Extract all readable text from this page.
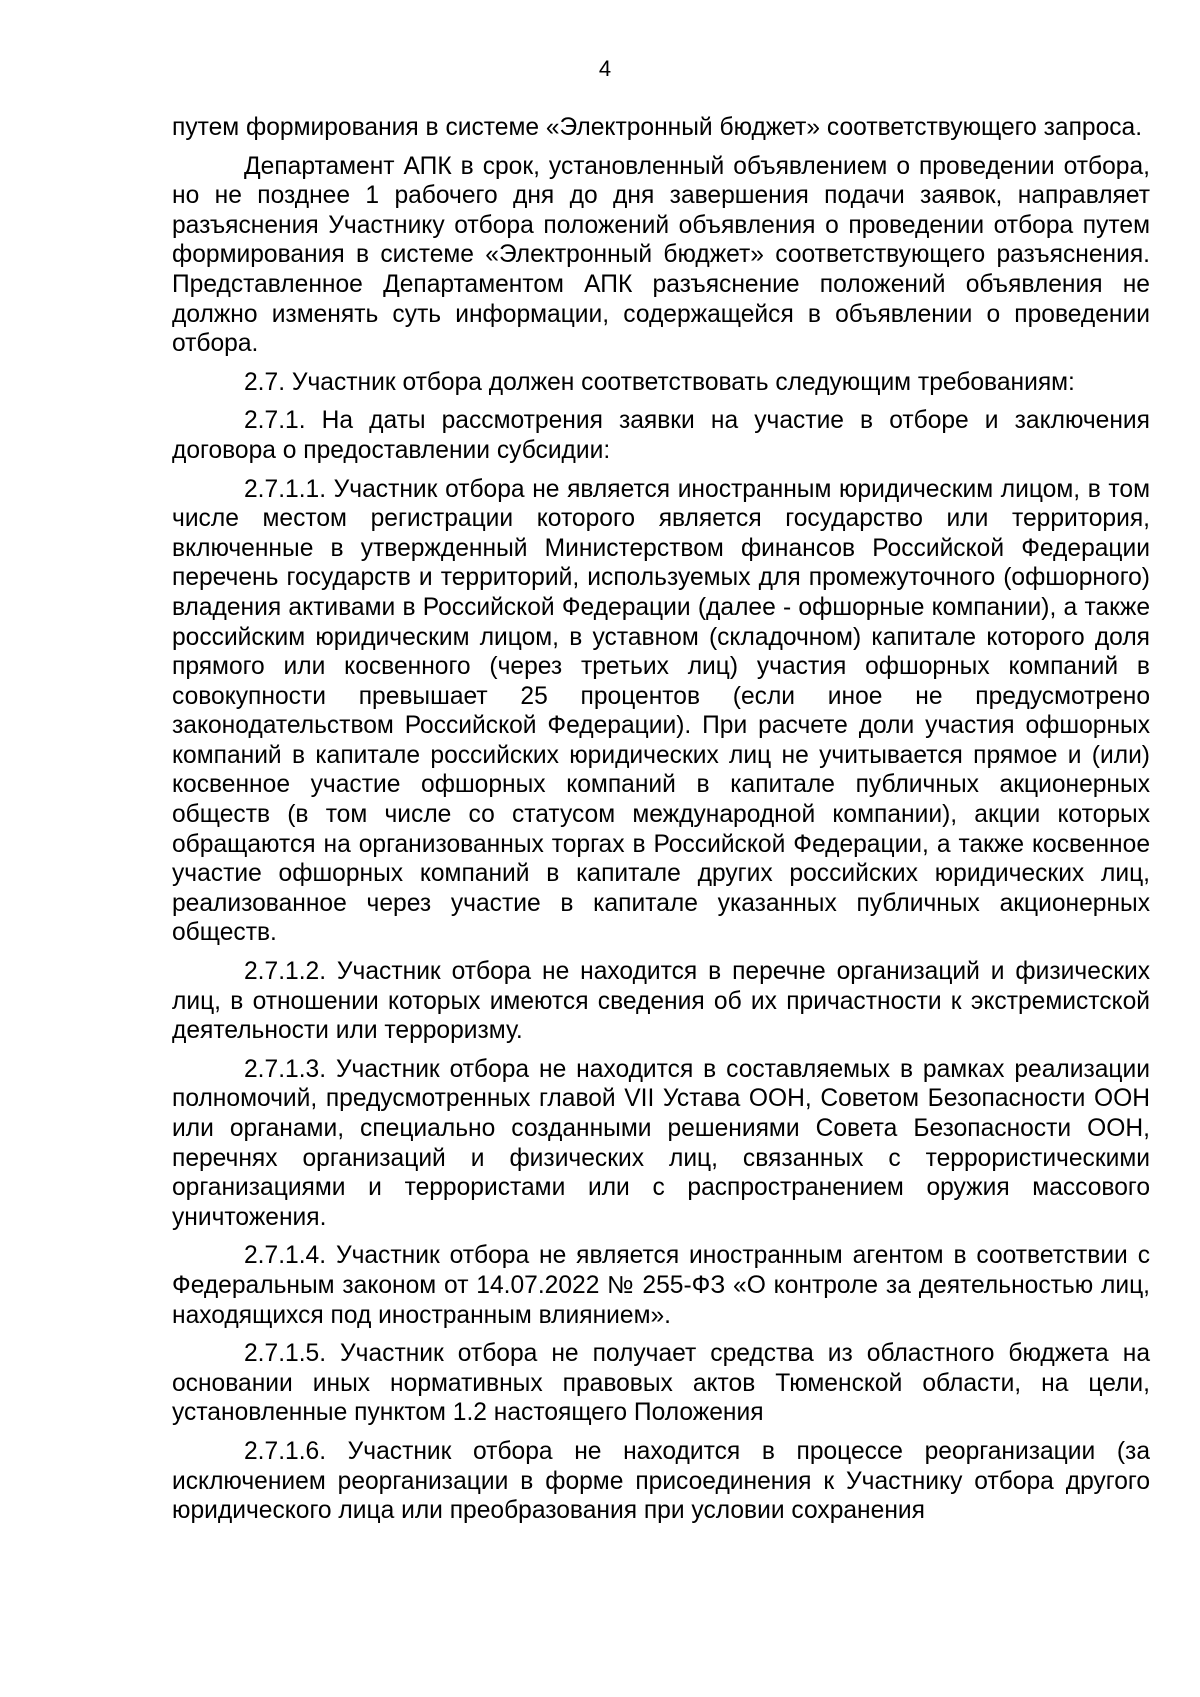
4

путем формирования в системе «Электронный бюджет» соответствующего запроса.

Департамент АПК в срок, установленный объявлением о проведении отбора, но не позднее 1 рабочего дня до дня завершения подачи заявок, направляет разъяснения Участнику отбора положений объявления о проведении отбора путем формирования в системе «Электронный бюджет» соответствующего разъяснения. Представленное Департаментом АПК разъяснение положений объявления не должно изменять суть информации, содержащейся в объявлении о проведении отбора.

2.7. Участник отбора должен соответствовать следующим требованиям:

2.7.1. На даты рассмотрения заявки на участие в отборе и заключения договора о предоставлении субсидии:

2.7.1.1. Участник отбора не является иностранным юридическим лицом, в том числе местом регистрации которого является государство или территория, включенные в утвержденный Министерством финансов Российской Федерации перечень государств и территорий, используемых для промежуточного (офшорного) владения активами в Российской Федерации (далее - офшорные компании), а также российским юридическим лицом, в уставном (складочном) капитале которого доля прямого или косвенного (через третьих лиц) участия офшорных компаний в совокупности превышает 25 процентов (если иное не предусмотрено законодательством Российской Федерации). При расчете доли участия офшорных компаний в капитале российских юридических лиц не учитывается прямое и (или) косвенное участие офшорных компаний в капитале публичных акционерных обществ (в том числе со статусом международной компании), акции которых обращаются на организованных торгах в Российской Федерации, а также косвенное участие офшорных компаний в капитале других российских юридических лиц, реализованное через участие в капитале указанных публичных акционерных обществ.

2.7.1.2. Участник отбора не находится в перечне организаций и физических лиц, в отношении которых имеются сведения об их причастности к экстремистской деятельности или терроризму.

2.7.1.3. Участник отбора не находится в составляемых в рамках реализации полномочий, предусмотренных главой VII Устава ООН, Советом Безопасности ООН или органами, специально созданными решениями Совета Безопасности ООН, перечнях организаций и физических лиц, связанных с террористическими организациями и террористами или с распространением оружия массового уничтожения.

2.7.1.4. Участник отбора не является иностранным агентом в соответствии с Федеральным законом от 14.07.2022 № 255-ФЗ «О контроле за деятельностью лиц, находящихся под иностранным влиянием».

2.7.1.5. Участник отбора не получает средства из областного бюджета на основании иных нормативных правовых актов Тюменской области, на цели, установленные пунктом 1.2 настоящего Положения

2.7.1.6. Участник отбора не находится в процессе реорганизации (за исключением реорганизации в форме присоединения к Участнику отбора другого юридического лица или преобразования при условии сохранения
